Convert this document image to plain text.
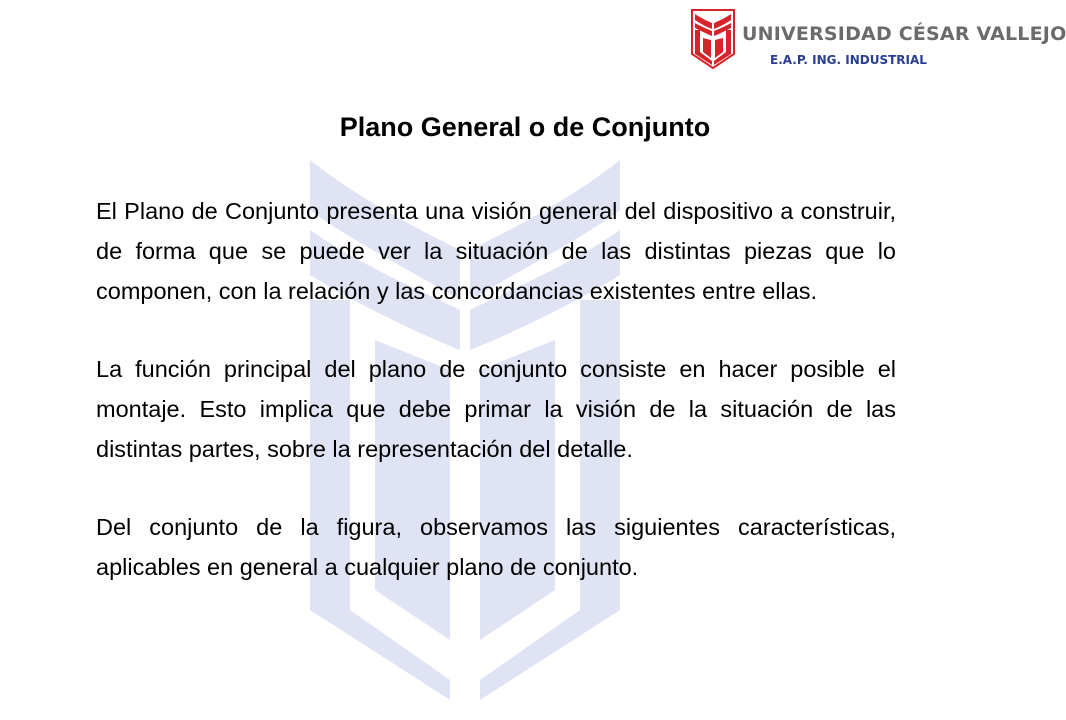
UNIVERSIDAD CÉSAR VALLEJO
E.A.P. ING. INDUSTRIAL
Plano General o de Conjunto

El Plano de Conjunto presenta una visión general del dispositivo a construir, de forma que se puede ver la situación de las distintas piezas que lo componen, con la relación y las concordancias existentes entre ellas.

La función principal del plano de conjunto consiste en hacer posible el montaje. Esto implica que debe primar la visión de la situación de las distintas partes, sobre la representación del detalle.

Del conjunto de la figura, observamos las siguientes características, aplicables en general a cualquier plano de conjunto.
